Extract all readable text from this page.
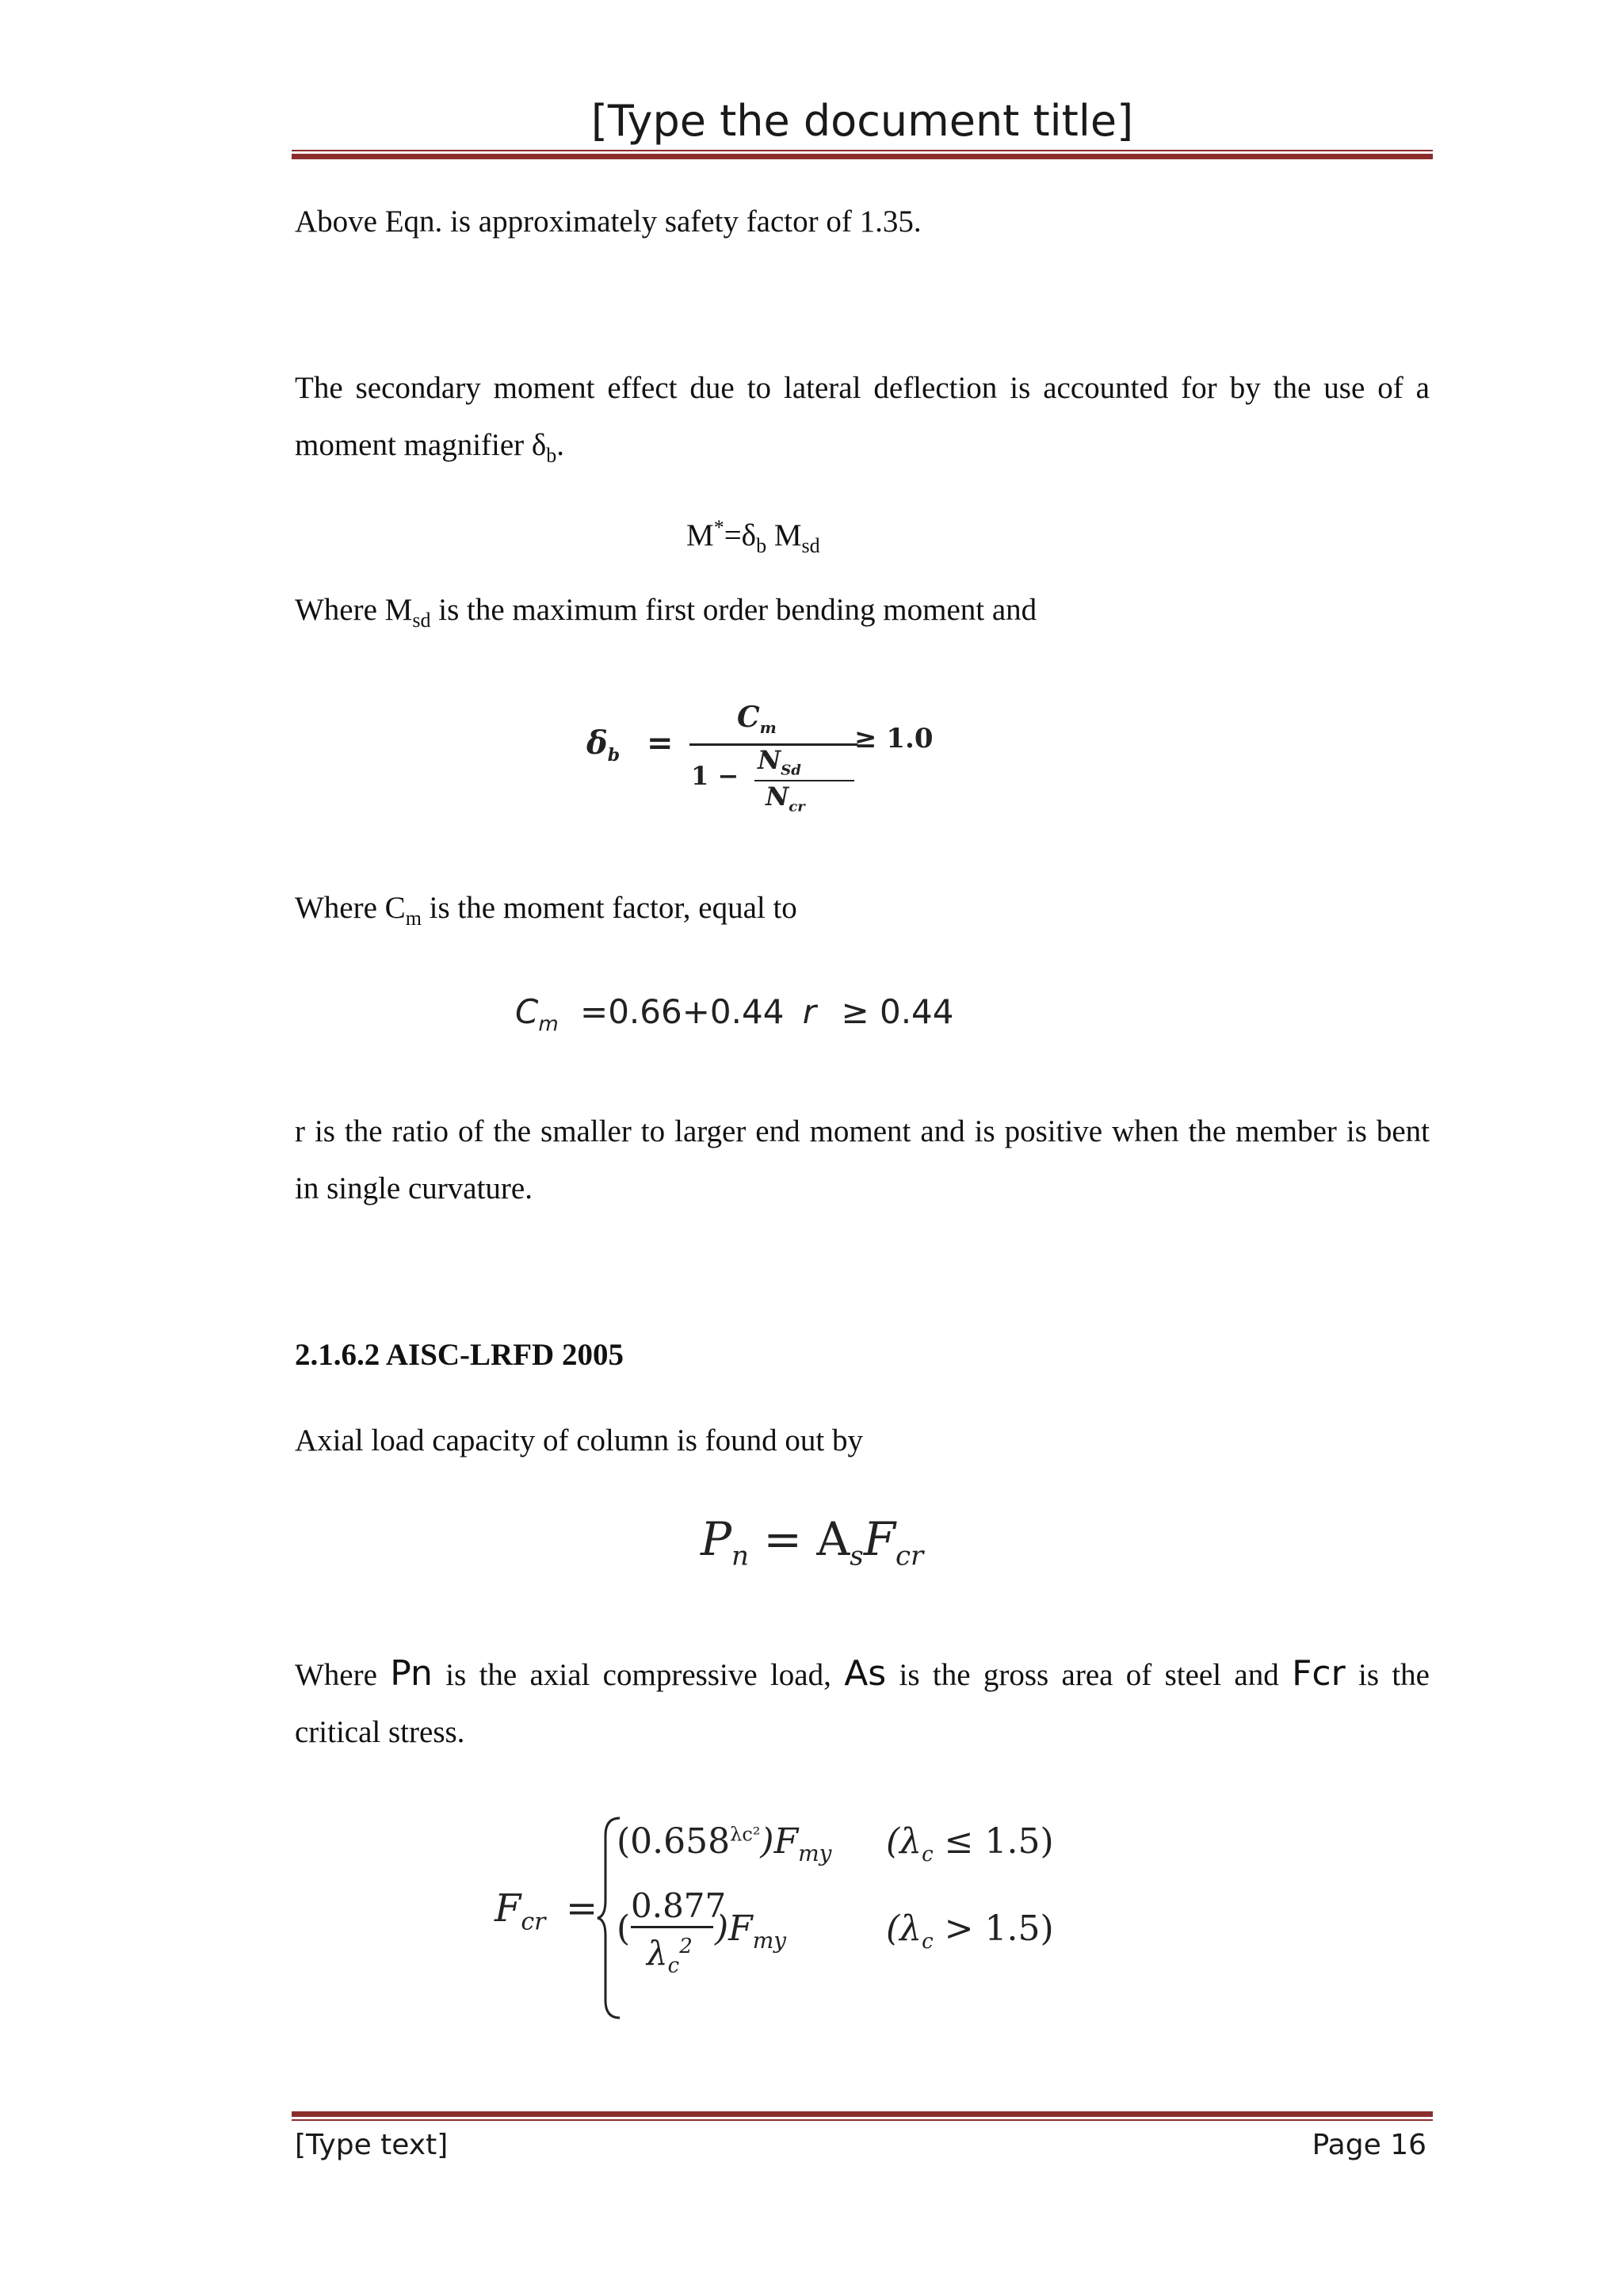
[Type the document title]
Above Eqn. is approximately safety factor of 1.35.
The secondary moment effect due to lateral deflection is accounted for by the use of a moment magnifier $\delta_b$.
$M^*=\delta_b$ $M_{sd}$
Where $M_{sd}$ is the maximum first order bending moment and
$\delta_b$ =
$C_m$
1 −
$N_{Sd}$
$N_{cr}$
≥ 1.0
Where $C_m$ is the moment factor, equal to
$C_m =0.66+0.44$ r ≥ 0.44
r is the ratio of the smaller to larger end moment and is positive when the member is bent in single curvature.
2.1.6.2 AISC-LRFD 2005
Axial load capacity of column is found out by
$P_n = A_sF_{cr}$
Where Pn is the axial compressive load, As is the gross area of steel and Fcr is the critical stress.
$F_{cr}$ =
$(0.658^{\lambda c^2})F_{my}$ $(\lambda_c \le 1.5)$
(
0.877
$\lambda_c^2$ )$F_{my}$	$(\lambda_c > 1.5)$
[Type text]	Page 16
